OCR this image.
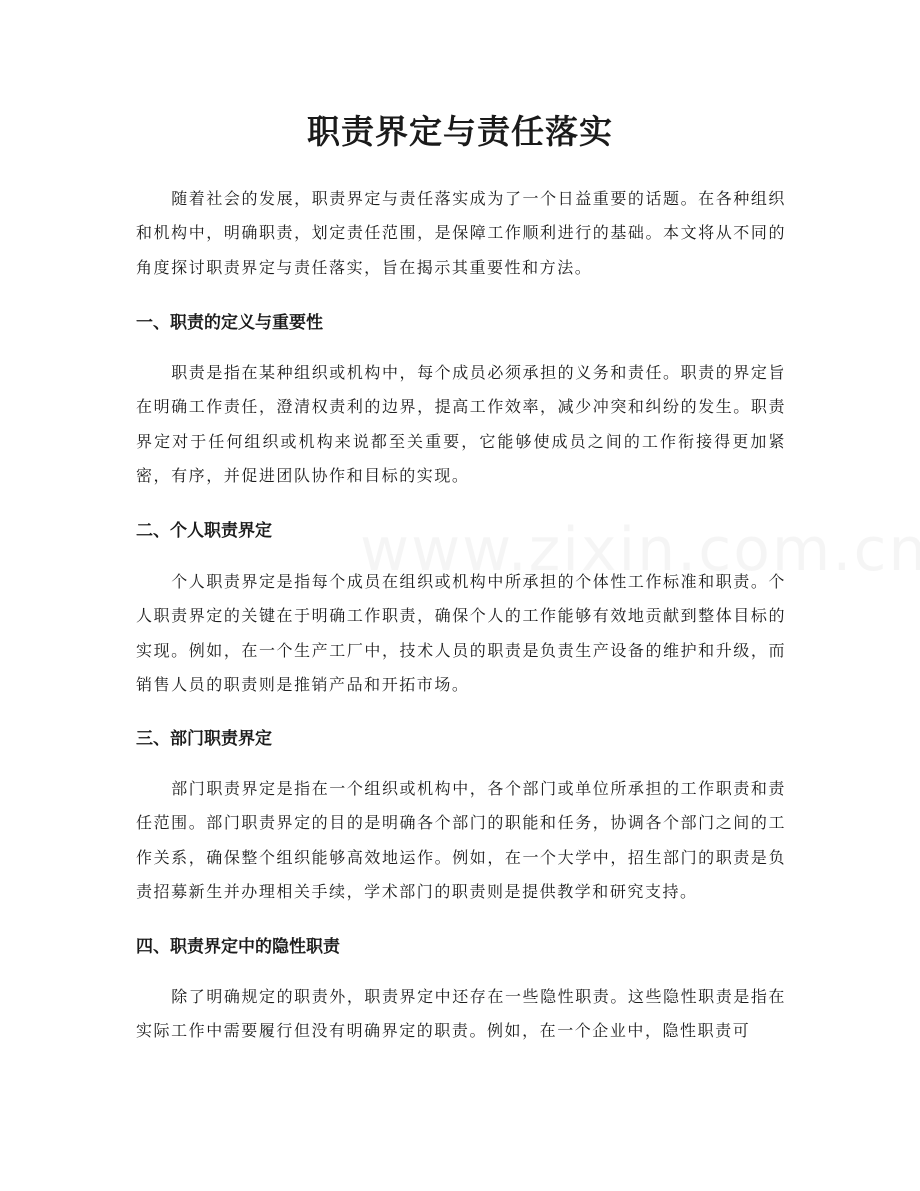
职责界定与责任落实

随着社会的发展，职责界定与责任落实成为了一个日益重要的话题。在各种组织和机构中，明确职责，划定责任范围，是保障工作顺利进行的基础。本文将从不同的角度探讨职责界定与责任落实，旨在揭示其重要性和方法。

一、职责的定义与重要性

职责是指在某种组织或机构中，每个成员必须承担的义务和责任。职责的界定旨在明确工作责任，澄清权责利的边界，提高工作效率，减少冲突和纠纷的发生。职责界定对于任何组织或机构来说都至关重要，它能够使成员之间的工作衔接得更加紧密，有序，并促进团队协作和目标的实现。

二、个人职责界定

个人职责界定是指每个成员在组织或机构中所承担的个体性工作标准和职责。个人职责界定的关键在于明确工作职责，确保个人的工作能够有效地贡献到整体目标的实现。例如，在一个生产工厂中，技术人员的职责是负责生产设备的维护和升级，而销售人员的职责则是推销产品和开拓市场。

三、部门职责界定

部门职责界定是指在一个组织或机构中，各个部门或单位所承担的工作职责和责任范围。部门职责界定的目的是明确各个部门的职能和任务，协调各个部门之间的工作关系，确保整个组织能够高效地运作。例如，在一个大学中，招生部门的职责是负责招募新生并办理相关手续，学术部门的职责则是提供教学和研究支持。

四、职责界定中的隐性职责

除了明确规定的职责外，职责界定中还存在一些隐性职责。这些隐性职责是指在实际工作中需要履行但没有明确界定的职责。例如，在一个企业中，隐性职责可
